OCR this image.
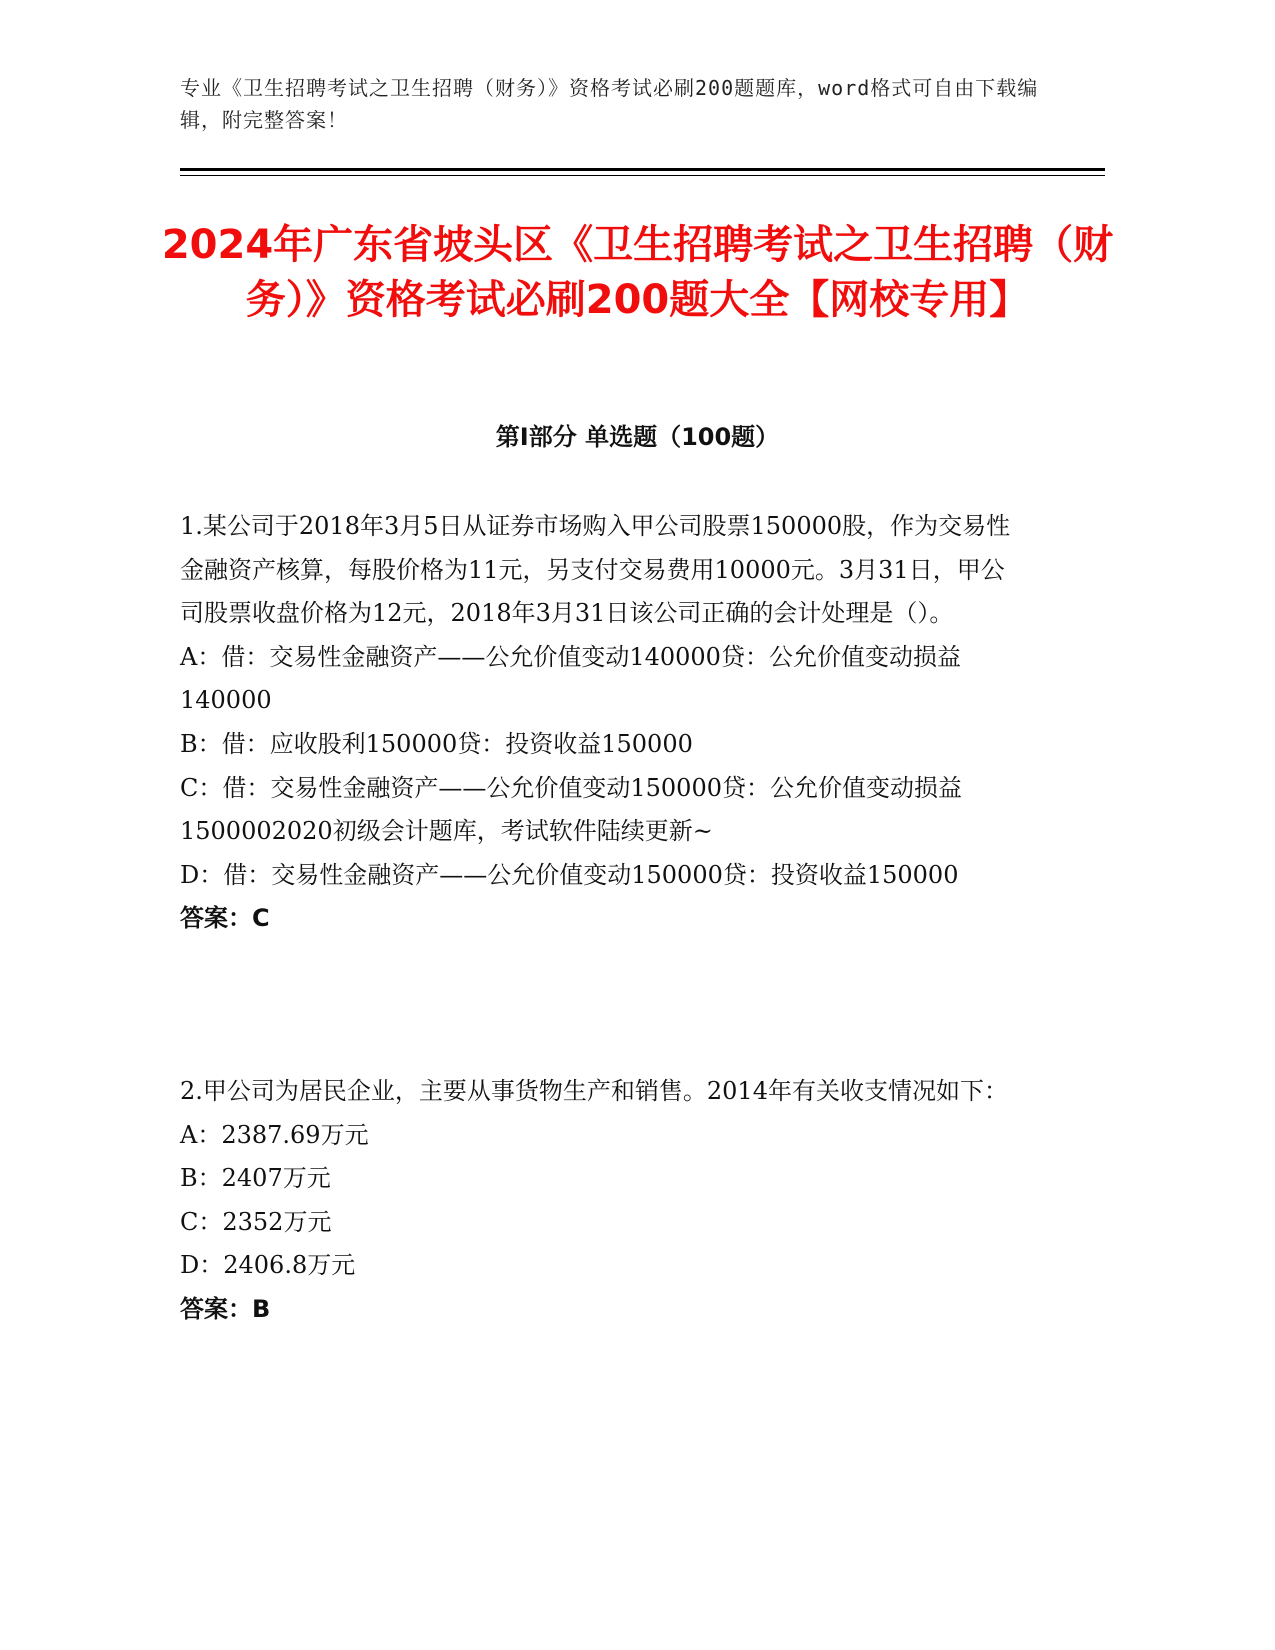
专业《卫生招聘考试之卫生招聘（财务）》资格考试必刷200题题库，word格式可自由下载编辑，附完整答案！
2024年广东省坡头区《卫生招聘考试之卫生招聘（财务）》资格考试必刷200题大全【网校专用】
第I部分 单选题（100题）

1.某公司于2018年3月5日从证券市场购入甲公司股票150000股，作为交易性金融资产核算，每股价格为11元，另支付交易费用10000元。3月31日，甲公司股票收盘价格为12元，2018年3月31日该公司正确的会计处理是（）。

A：借：交易性金融资产——公允价值变动140000贷：公允价值变动损益140000

B：借：应收股利150000贷：投资收益150000

C：借：交易性金融资产——公允价值变动150000贷：公允价值变动损益1500002020初级会计题库，考试软件陆续更新~

D：借：交易性金融资产——公允价值变动150000贷：投资收益150000

答案：C

2.甲公司为居民企业，主要从事货物生产和销售。2014年有关收支情况如下：

A：2387.69万元

B：2407万元

C：2352万元

D：2406.8万元

答案：B
